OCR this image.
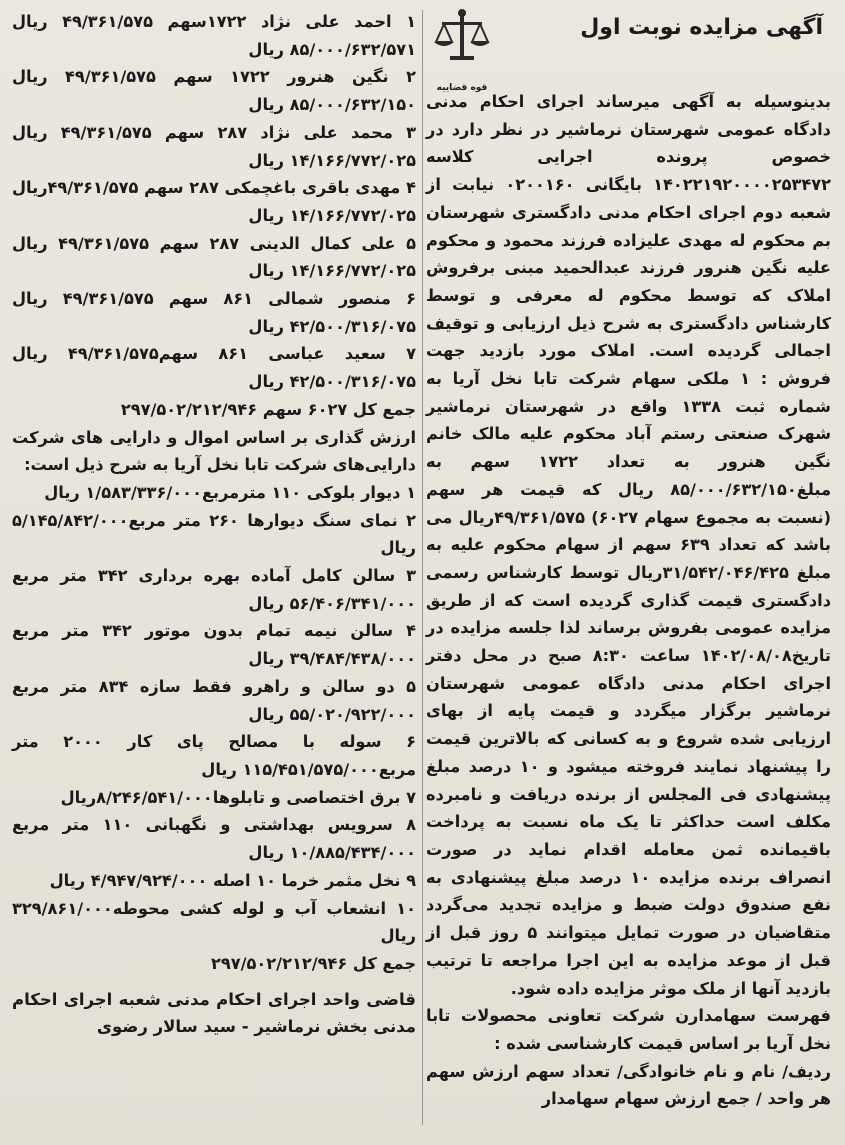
آگهی مزایده نوبت اول
قوه قضاییه

بدینوسیله به آگهی میرساند اجرای احکام مدنی دادگاه عمومی شهرستان نرماشیر در نظر دارد در خصوص پرونده اجرایی کلاسه ۱۴۰۲۲۱۹۲۰۰۰۰۲۵۳۴۷۲ بایگانی ۰۲۰۰۱۶۰ نیابت از شعبه دوم اجرای احکام مدنی دادگستری شهرستان بم محکوم له مهدی علیزاده فرزند محمود و محکوم علیه نگین هنرور فرزند عبدالحمید مبنی برفروش املاک که توسط محکوم له معرفی و توسط کارشناس دادگستری به شرح ذیل ارزیابی و توقیف اجمالی گردیده است. املاک مورد بازدید جهت فروش : ۱ ملکی سهام شرکت تابا نخل آریا به شماره ثبت ۱۳۳۸ واقع در شهرستان نرماشیر شهرک صنعتی رستم آباد محکوم علیه مالک خانم نگین هنرور به تعداد ۱۷۲۲ سهم به مبلغ۸۵/۰۰۰/۶۳۲/۱۵۰ ریال که قیمت هر سهم (نسبت به مجموع سهام ۶۰۲۷) ۴۹/۳۶۱/۵۷۵ریال می باشد که تعداد ۶۳۹ سهم از سهام محکوم علیه به مبلغ ۳۱/۵۴۲/۰۴۶/۴۲۵ریال توسط کارشناس رسمی دادگستری قیمت گذاری گردیده است که از طریق مزایده عمومی بفروش برساند لذا جلسه مزایده در تاریخ۱۴۰۲/۰۸/۰۸ ساعت ۸:۳۰ صبح در محل دفتر اجرای احکام مدنی دادگاه عمومی شهرستان نرماشیر برگزار میگردد و قیمت پایه از بهای ارزیابی شده شروع و به کسانی که بالاترین قیمت را پیشنهاد نمایند فروخته میشود و ۱۰ درصد مبلغ پیشنهادی فی المجلس از برنده دریافت و نامبرده مکلف است حداکثر تا یک ماه نسبت به پرداخت باقیمانده ثمن معامله اقدام نماید در صورت انصراف برنده مزایده ۱۰ درصد مبلغ پیشنهادی به نفع صندوق دولت ضبط و مزایده تجدید می‌گردد متقاضیان در صورت تمایل میتوانند ۵ روز قبل از قبل از موعد مزایده به این اجرا مراجعه تا ترتیب بازدید آنها از ملک موثر مزایده داده شود.

فهرست سهامدارن شرکت تعاونی محصولات تابا نخل آریا بر اساس قیمت کارشناسی شده :
ردیف/ نام و نام خانوادگی/ تعداد سهم ارزش سهم هر واحد / جمع ارزش سهام سهامدار
۱ احمد علی نژاد ۱۷۲۲سهم ۴۹/۳۶۱/۵۷۵ ریال ۸۵/۰۰۰/۶۳۲/۵۷۱ ریال
۲ نگین هنرور ۱۷۲۲ سهم ۴۹/۳۶۱/۵۷۵ ریال ۸۵/۰۰۰/۶۳۲/۱۵۰ ریال
۳ محمد علی نژاد ۲۸۷ سهم ۴۹/۳۶۱/۵۷۵ ریال ۱۴/۱۶۶/۷۷۲/۰۲۵ ریال
۴ مهدی باقری باغچمکی ۲۸۷ سهم ۴۹/۳۶۱/۵۷۵ریال ۱۴/۱۶۶/۷۷۲/۰۲۵ ریال
۵ علی کمال الدینی ۲۸۷ سهم ۴۹/۳۶۱/۵۷۵ ریال ۱۴/۱۶۶/۷۷۲/۰۲۵ ریال
۶ منصور شمالی ۸۶۱ سهم ۴۹/۳۶۱/۵۷۵ ریال ۴۲/۵۰۰/۳۱۶/۰۷۵ ریال
۷ سعید عباسی ۸۶۱ سهم۴۹/۳۶۱/۵۷۵ ریال ۴۲/۵۰۰/۳۱۶/۰۷۵ ریال
جمع کل ۶۰۲۷ سهم ۲۹۷/۵۰۲/۲۱۲/۹۴۶
ارزش گذاری بر اساس اموال و دارایی های شرکت دارایی‌های شرکت تابا نخل آریا به شرح ذیل است:
۱ دیوار بلوکی ۱۱۰ مترمربع۱/۵۸۳/۳۳۶/۰۰۰ ریال
۲ نمای سنگ دیوارها ۲۶۰ متر مربع۵/۱۴۵/۸۴۲/۰۰۰ ریال
۳ سالن کامل آماده بهره برداری ۳۴۲ متر مربع ۵۶/۴۰۶/۳۴۱/۰۰۰ ریال
۴ سالن نیمه تمام بدون موتور ۳۴۲ متر مربع ۳۹/۴۸۴/۴۳۸/۰۰۰ ریال
۵ دو سالن و راهرو فقط سازه ۸۳۴ متر مربع ۵۵/۰۲۰/۹۲۲/۰۰۰ ریال
۶ سوله با مصالح پای کار ۲۰۰۰ متر مربع۱۱۵/۴۵۱/۵۷۵/۰۰۰ ریال
۷ برق اختصاصی و تابلوها۸/۲۴۶/۵۴۱/۰۰۰ریال
۸ سرویس بهداشتی و نگهبانی ۱۱۰ متر مربع ۱۰/۸۸۵/۴۳۴/۰۰۰ ریال
۹ نخل مثمر خرما ۱۰ اصله ۴/۹۴۷/۹۲۴/۰۰۰ ریال
۱۰ انشعاب آب و لوله کشی محوطه۳۲۹/۸۶۱/۰۰۰ ریال
جمع کل ۲۹۷/۵۰۲/۲۱۲/۹۴۶
قاضی واحد اجرای احکام مدنی شعبه اجرای احکام مدنی بخش نرماشیر - سید سالار رضوی
